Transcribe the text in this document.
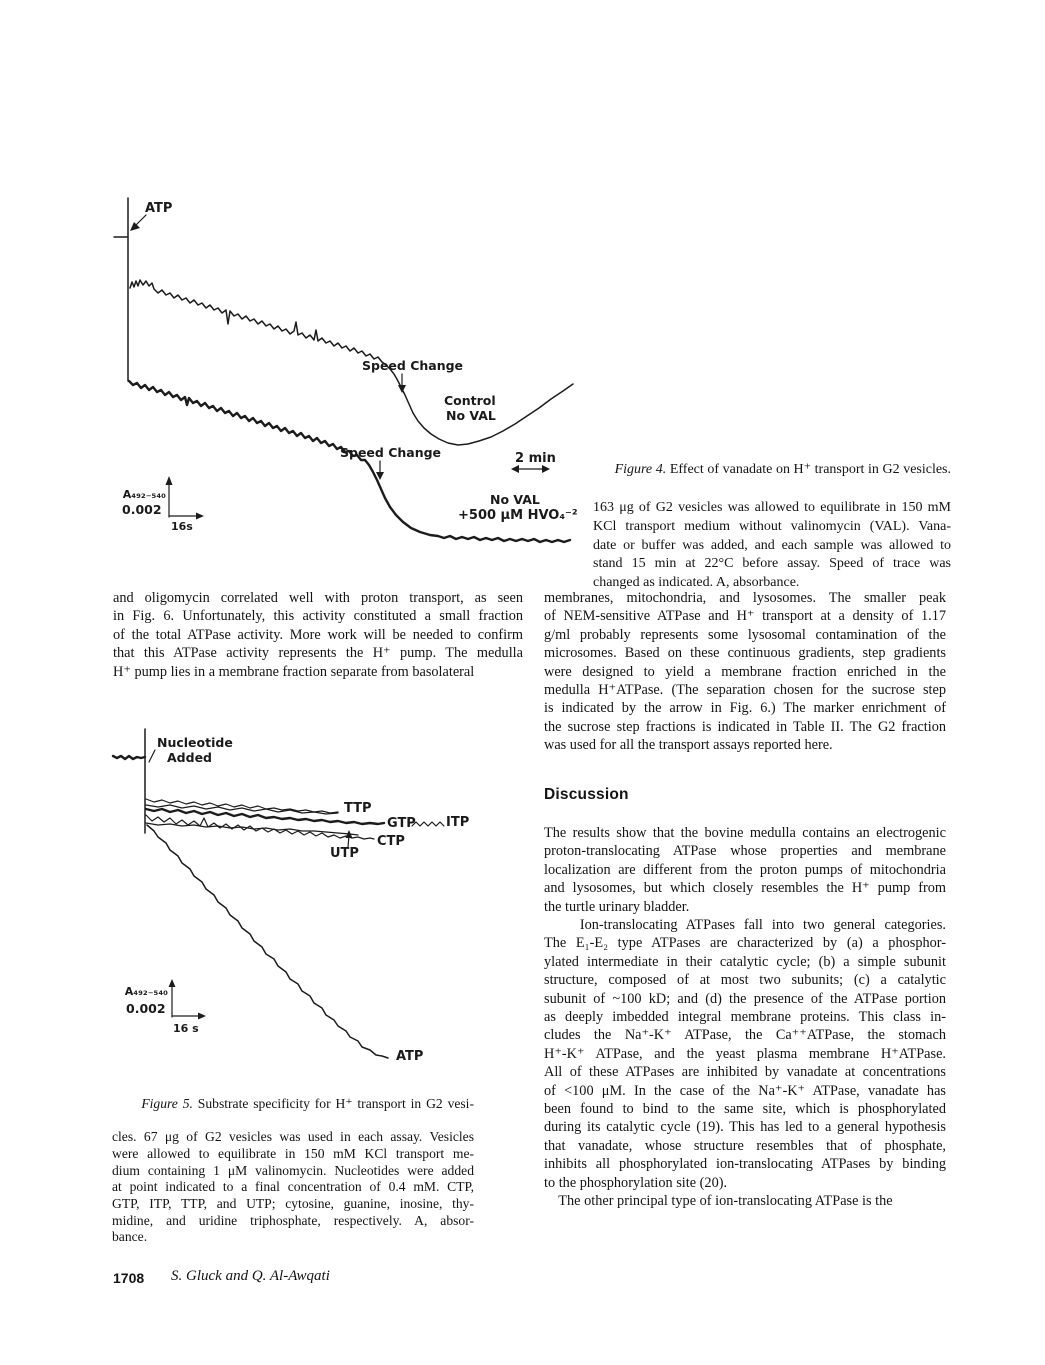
ATP
Speed Change
Control
No VAL
2 min
Speed Change
No VAL
+500 μM HVO₄⁻²
A₄₉₂₋₅₄₀
0.002
16s

Figure 4. Effect of vanadate on H⁺ transport in G2 vesicles.

163 μg of G2 vesicles was allowed to equilibrate in 150 mM
KCl transport medium without valinomycin (VAL). Vana-
date or buffer was added, and each sample was allowed to
stand 15 min at 22°C before assay. Speed of trace was
changed as indicated. A, absorbance.
and oligomycin correlated well with proton transport, as seen
in Fig. 6. Unfortunately, this activity constituted a small fraction
of the total ATPase activity. More work will be needed to confirm
that this ATPase activity represents the H⁺ pump. The medulla
H⁺ pump lies in a membrane fraction separate from basolateral
membranes, mitochondria, and lysosomes. The smaller peak
of NEM-sensitive ATPase and H⁺ transport at a density of 1.17
g/ml probably represents some lysosomal contamination of the
microsomes. Based on these continuous gradients, step gradients
were designed to yield a membrane fraction enriched in the
medulla H⁺ATPase. (The separation chosen for the sucrose step
is indicated by the arrow in Fig. 6.) The marker enrichment of
the sucrose step fractions is indicated in Table II. The G2 fraction
was used for all the transport assays reported here.
Discussion
The results show that the bovine medulla contains an electrogenic
proton-translocating ATPase whose properties and membrane
localization are different from the proton pumps of mitochondria
and lysosomes, but which closely resembles the H⁺ pump from
the turtle urinary bladder.
Ion-translocating ATPases fall into two general categories.
The E₁-E₂ type ATPases are characterized by (a) a phosphor-
ylated intermediate in their catalytic cycle; (b) a simple subunit
structure, composed of at most two subunits; (c) a catalytic
subunit of ~100 kD; and (d) the presence of the ATPase portion
as deeply imbedded integral membrane proteins. This class in-
cludes the Na⁺-K⁺ ATPase, the Ca⁺⁺ATPase, the stomach
H⁺-K⁺ ATPase, and the yeast plasma membrane H⁺ATPase.
All of these ATPases are inhibited by vanadate at concentrations
of <100 μM. In the case of the Na⁺-K⁺ ATPase, vanadate has
been found to bind to the same site, which is phosphorylated
during its catalytic cycle (19). This has led to a general hypothesis
that vanadate, whose structure resembles that of phosphate,
inhibits all phosphorylated ion-translocating ATPases by binding
to the phosphorylation site (20).
The other principal type of ion-translocating ATPase is the
Nucleotide
Added
TTP
GTP ITP
CTP
UTP
ATP
A₄₉₂₋₅₄₀
0.002
16 s

Figure 5. Substrate specificity for H⁺ transport in G2 vesi-

cles. 67 μg of G2 vesicles was used in each assay. Vesicles
were allowed to equilibrate in 150 mM KCl transport me-
dium containing 1 μM valinomycin. Nucleotides were added
at point indicated to a final concentration of 0.4 mM. CTP,
GTP, ITP, TTP, and UTP; cytosine, guanine, inosine, thy-
midine, and uridine triphosphate, respectively. A, absor-
bance.
1708 S. Gluck and Q. Al-Awqati
